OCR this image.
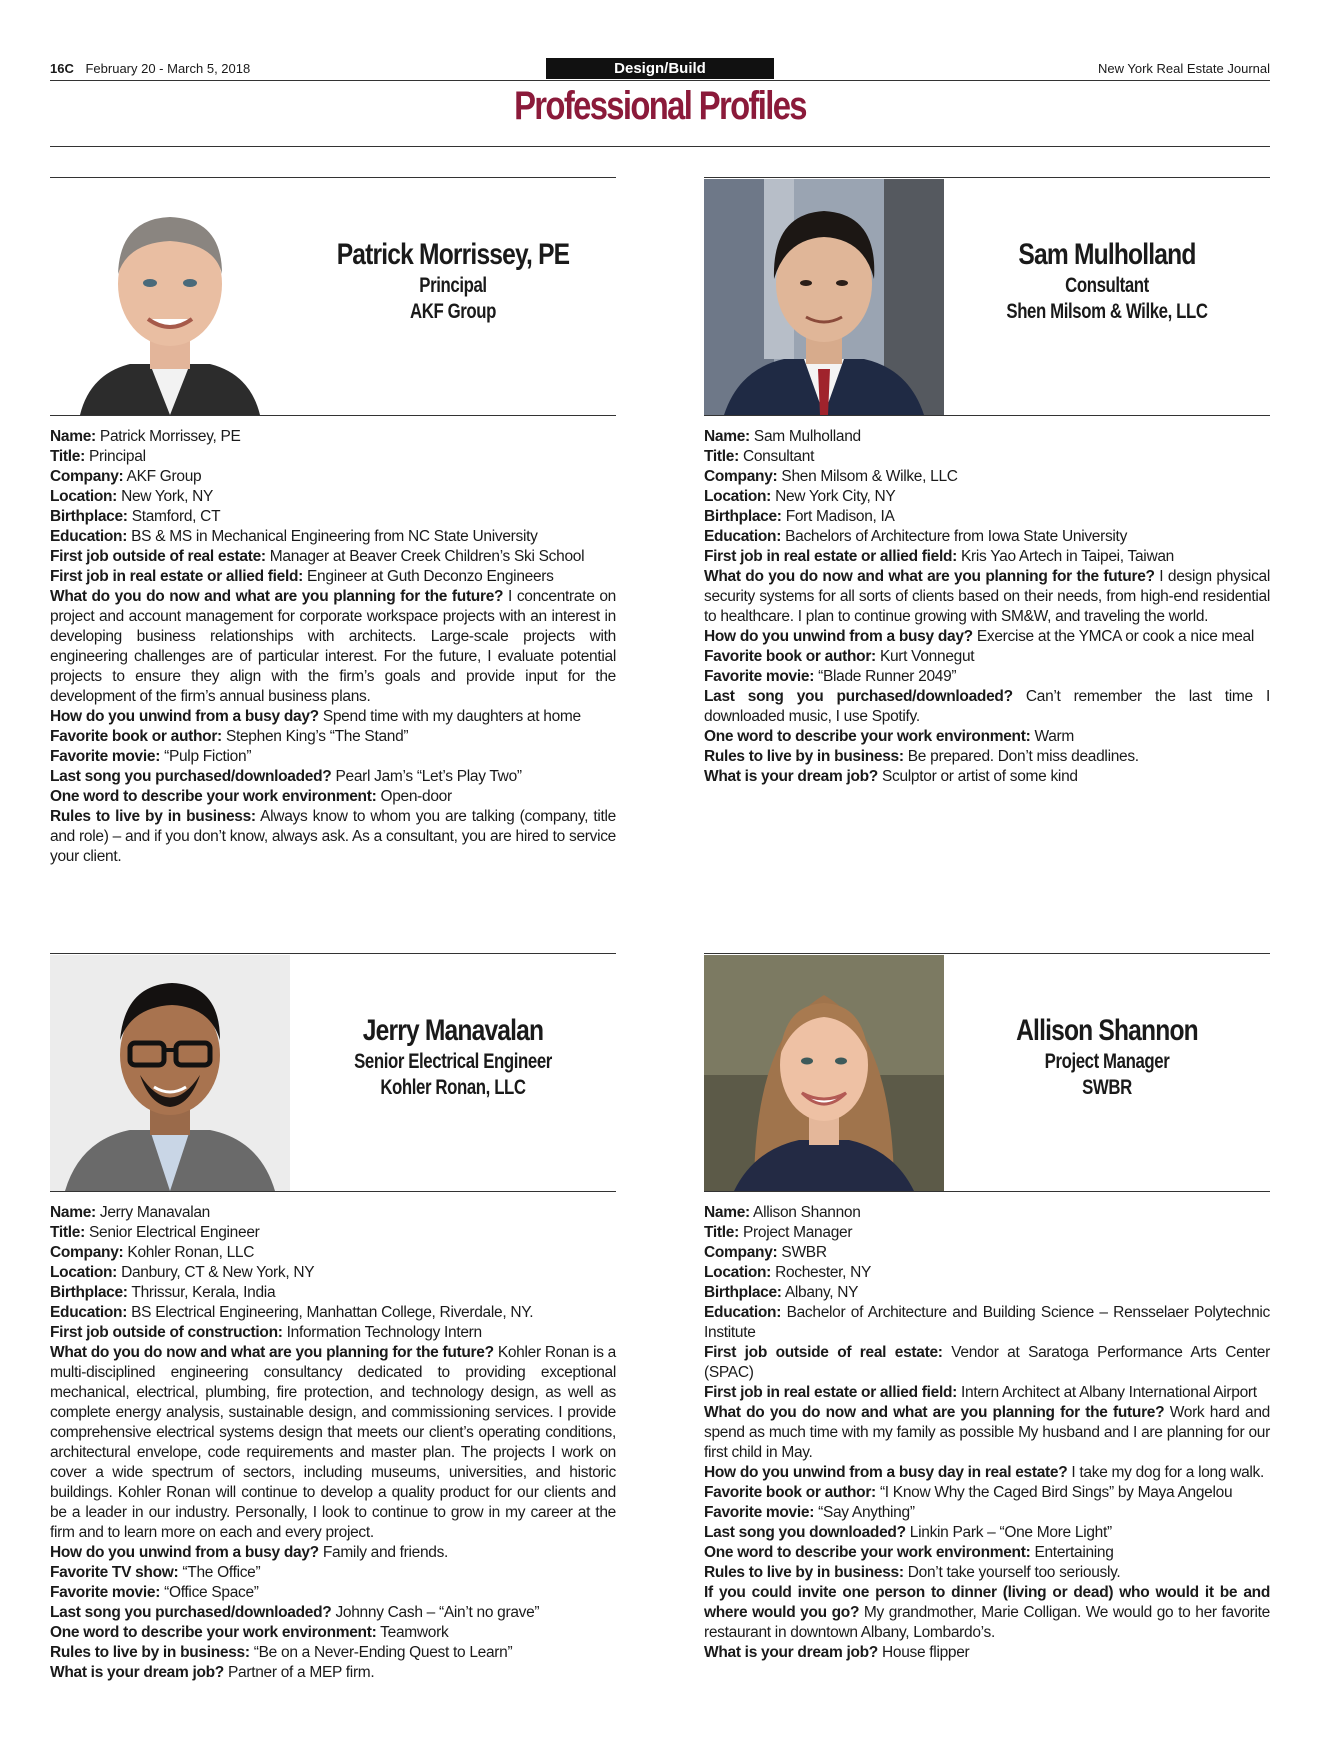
16C February 20 - March 5, 2018	Design/Build	New York Real Estate Journal
Professional Profiles
Patrick Morrissey, PE
Principal
AKF Group

Name: Patrick Morrissey, PE

Title: Principal

Company: AKF Group

Location: New York, NY

Birthplace: Stamford, CT

Education: BS & MS in Mechanical Engineering from NC State University

First job outside of real estate: Manager at Beaver Creek Children’s Ski School

First job in real estate or allied field: Engineer at Guth Deconzo Engineers

What do you do now and what are you planning for the future? I concentrate on project and account management for corporate workspace projects with an interest in developing business relationships with architects. Large-scale projects with engineering challenges are of particular interest. For the future, I evaluate potential projects to ensure they align with the firm’s goals and provide input for the development of the firm’s annual business plans.

How do you unwind from a busy day? Spend time with my daughters at home

Favorite book or author: Stephen King’s “The Stand”

Favorite movie: “Pulp Fiction”

Last song you purchased/downloaded? Pearl Jam’s “Let’s Play Two”

One word to describe your work environment: Open-door

Rules to live by in business: Always know to whom you are talking (company, title and role) – and if you don’t know, always ask. As a consultant, you are hired to service your client.

Sam Mulholland
Consultant
Shen Milsom & Wilke, LLC

Name: Sam Mulholland

Title: Consultant

Company: Shen Milsom & Wilke, LLC

Location: New York City, NY

Birthplace: Fort Madison, IA

Education: Bachelors of Architecture from Iowa State University

First job in real estate or allied field: Kris Yao Artech in Taipei, Taiwan

What do you do now and what are you planning for the future? I design physical security systems for all sorts of clients based on their needs, from high-end residential to healthcare. I plan to continue growing with SM&W, and traveling the world.

How do you unwind from a busy day? Exercise at the YMCA or cook a nice meal

Favorite book or author: Kurt Vonnegut

Favorite movie: “Blade Runner 2049”

Last song you purchased/downloaded? Can’t remember the last time I downloaded music, I use Spotify.

One word to describe your work environment: Warm

Rules to live by in business: Be prepared. Don’t miss deadlines.

What is your dream job? Sculptor or artist of some kind

Jerry Manavalan
Senior Electrical Engineer
Kohler Ronan, LLC

Name: Jerry Manavalan

Title: Senior Electrical Engineer

Company: Kohler Ronan, LLC

Location: Danbury, CT & New York, NY

Birthplace: Thrissur, Kerala, India

Education: BS Electrical Engineering, Manhattan College, Riverdale, NY.

First job outside of construction: Information Technology Intern

What do you do now and what are you planning for the future? Kohler Ronan is a multi-disciplined engineering consultancy dedicated to providing exceptional mechanical, electrical, plumbing, fire protection, and technology design, as well as complete energy analysis, sustainable design, and commissioning services. I provide comprehensive electrical systems design that meets our client’s operating conditions, architectural envelope, code requirements and master plan. The projects I work on cover a wide spectrum of sectors, including museums, universities, and historic buildings. Kohler Ronan will continue to develop a quality product for our clients and be a leader in our industry. Personally, I look to continue to grow in my career at the firm and to learn more on each and every project.

How do you unwind from a busy day? Family and friends.

Favorite TV show: “The Office”

Favorite movie: “Office Space”

Last song you purchased/downloaded? Johnny Cash – “Ain’t no grave”

One word to describe your work environment: Teamwork

Rules to live by in business: “Be on a Never-Ending Quest to Learn”

What is your dream job? Partner of a MEP firm.

Allison Shannon
Project Manager
SWBR

Name: Allison Shannon

Title: Project Manager

Company: SWBR

Location: Rochester, NY

Birthplace: Albany, NY

Education: Bachelor of Architecture and Building Science – Rensselaer Polytechnic Institute

First job outside of real estate: Vendor at Saratoga Performance Arts Center (SPAC)

First job in real estate or allied field: Intern Architect at Albany International Airport

What do you do now and what are you planning for the future? Work hard and spend as much time with my family as possible My husband and I are planning for our first child in May.

How do you unwind from a busy day in real estate? I take my dog for a long walk.

Favorite book or author: “I Know Why the Caged Bird Sings” by Maya Angelou

Favorite movie: “Say Anything”

Last song you downloaded? Linkin Park – “One More Light”

One word to describe your work environment: Entertaining

Rules to live by in business: Don’t take yourself too seriously.

If you could invite one person to dinner (living or dead) who would it be and where would you go? My grandmother, Marie Colligan. We would go to her favorite restaurant in downtown Albany, Lombardo’s.

What is your dream job? House flipper
